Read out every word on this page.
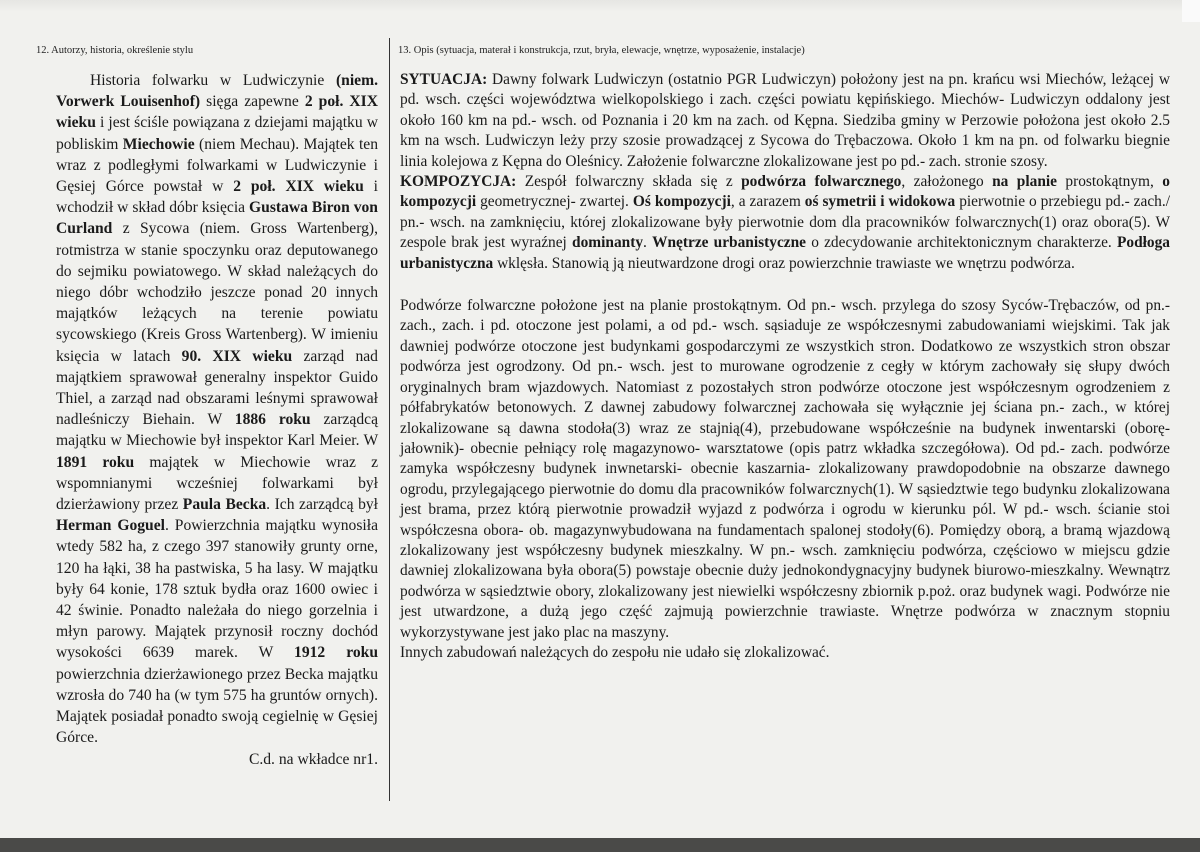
12. Autorzy, historia, określenie stylu	13. Opis (sytuacja, materał i konstrukcja, rzut, bryła, elewacje, wnętrze, wyposażenie, instalacje)

Historia folwarku w Ludwiczynie (niem. Vorwerk Louisenhof) sięga zapewne 2 poł. XIX wieku i jest ściśle powiązana z dziejami majątku w pobliskim Miechowie (niem Mechau). Majątek ten wraz z podległymi folwarkami w Ludwiczynie i Gęsiej Górce powstał w 2 poł. XIX wieku i wchodził w skład dóbr księcia Gustawa Biron von Curland z Sycowa (niem. Gross Wartenberg), rotmistrza w stanie spoczynku oraz deputowanego do sejmiku powiatowego. W skład należących do niego dóbr wchodziło jeszcze ponad 20 innych majątków leżących na terenie powiatu sycowskiego (Kreis Gross Wartenberg). W imieniu księcia w latach 90. XIX wieku zarząd nad majątkiem sprawował generalny inspektor Guido Thiel, a zarząd nad obszarami leśnymi sprawował nadleśniczy Biehain. W 1886 roku zarządcą majątku w Miechowie był inspektor Karl Meier. W 1891 roku majątek w Miechowie wraz z wspomnianymi wcześniej folwarkami był dzierżawiony przez Paula Becka. Ich zarządcą był Herman Goguel. Powierzchnia majątku wynosiła wtedy 582 ha, z czego 397 stanowiły grunty orne, 120 ha łąki, 38 ha pastwiska, 5 ha lasy. W majątku były 64 konie, 178 sztuk bydła oraz 1600 owiec i 42 świnie. Ponadto należała do niego gorzelnia i młyn parowy. Majątek przynosił roczny dochód wysokości 6639 marek. W 1912 roku powierzchnia dzierżawionego przez Becka majątku wzrosła do 740 ha (w tym 575 ha gruntów ornych). Majątek posiadał ponadto swoją cegielnię w Gęsiej Górce.

C.d. na wkładce nr1.

SYTUACJA: Dawny folwark Ludwiczyn (ostatnio PGR Ludwiczyn) położony jest na pn. krańcu wsi Miechów, leżącej w pd. wsch. części województwa wielkopolskiego i zach. części powiatu kępińskiego. Miechów- Ludwiczyn oddalony jest około 160 km na pd.- wsch. od Poznania i 20 km na zach. od Kępna. Siedziba gminy w Perzowie położona jest około 2.5 km na wsch. Ludwiczyn leży przy szosie prowadzącej z Sycowa do Trębaczowa. Około 1 km na pn. od folwarku biegnie linia kolejowa z Kępna do Oleśnicy. Założenie folwarczne zlokalizowane jest po pd.- zach. stronie szosy.

KOMPOZYCJA: Zespół folwarczny składa się z podwórza folwarcznego, założonego na planie prostokątnym, o kompozycji geometrycznej- zwartej. Oś kompozycji, a zarazem oś symetrii i widokowa pierwotnie o przebiegu pd.- zach./ pn.- wsch. na zamknięciu, której zlokalizowane były pierwotnie dom dla pracowników folwarcznych(1) oraz obora(5). W zespole brak jest wyraźnej dominanty. Wnętrze urbanistyczne o zdecydowanie architektonicznym charakterze. Podłoga urbanistyczna wklęsła. Stanowią ją nieutwardzone drogi oraz powierzchnie trawiaste we wnętrzu podwórza.

Podwórze folwarczne położone jest na planie prostokątnym. Od pn.- wsch. przylega do szosy Syców-Trębaczów, od pn.- zach., zach. i pd. otoczone jest polami, a od pd.- wsch. sąsiaduje ze współczesnymi zabudowaniami wiejskimi. Tak jak dawniej podwórze otoczone jest budynkami gospodarczymi ze wszystkich stron. Dodatkowo ze wszystkich stron obszar podwórza jest ogrodzony. Od pn.- wsch. jest to murowane ogrodzenie z cegły w którym zachowały się słupy dwóch oryginalnych bram wjazdowych. Natomiast z pozostałych stron podwórze otoczone jest współczesnym ogrodzeniem z półfabrykatów betonowych. Z dawnej zabudowy folwarcznej zachowała się wyłącznie jej ściana pn.- zach., w której zlokalizowane są dawna stodoła(3) wraz ze stajnią(4), przebudowane współcześnie na budynek inwentarski (oborę- jałownik)- obecnie pełniący rolę magazynowo- warsztatowe (opis patrz wkładka szczegółowa). Od pd.- zach. podwórze zamyka współczesny budynek inwnetarski- obecnie kaszarnia- zlokalizowany prawdopodobnie na obszarze dawnego ogrodu, przylegającego pierwotnie do domu dla pracowników folwarcznych(1). W sąsiedztwie tego budynku zlokalizowana jest brama, przez którą pierwotnie prowadził wyjazd z podwórza i ogrodu w kierunku pól. W pd.- wsch. ścianie stoi współczesna obora- ob. magazynwybudowana na fundamentach spalonej stodoły(6). Pomiędzy oborą, a bramą wjazdową zlokalizowany jest współczesny budynek mieszkalny. W pn.- wsch. zamknięciu podwórza, częściowo w miejscu gdzie dawniej zlokalizowana była obora(5) powstaje obecnie duży jednokondygnacyjny budynek biurowo-mieszkalny. Wewnątrz podwórza w sąsiedztwie obory, zlokalizowany jest niewielki współczesny zbiornik p.poż. oraz budynek wagi. Podwórze nie jest utwardzone, a dużą jego część zajmują powierzchnie trawiaste. Wnętrze podwórza w znacznym stopniu wykorzystywane jest jako plac na maszyny.

Innych zabudowań należących do zespołu nie udało się zlokalizować.
